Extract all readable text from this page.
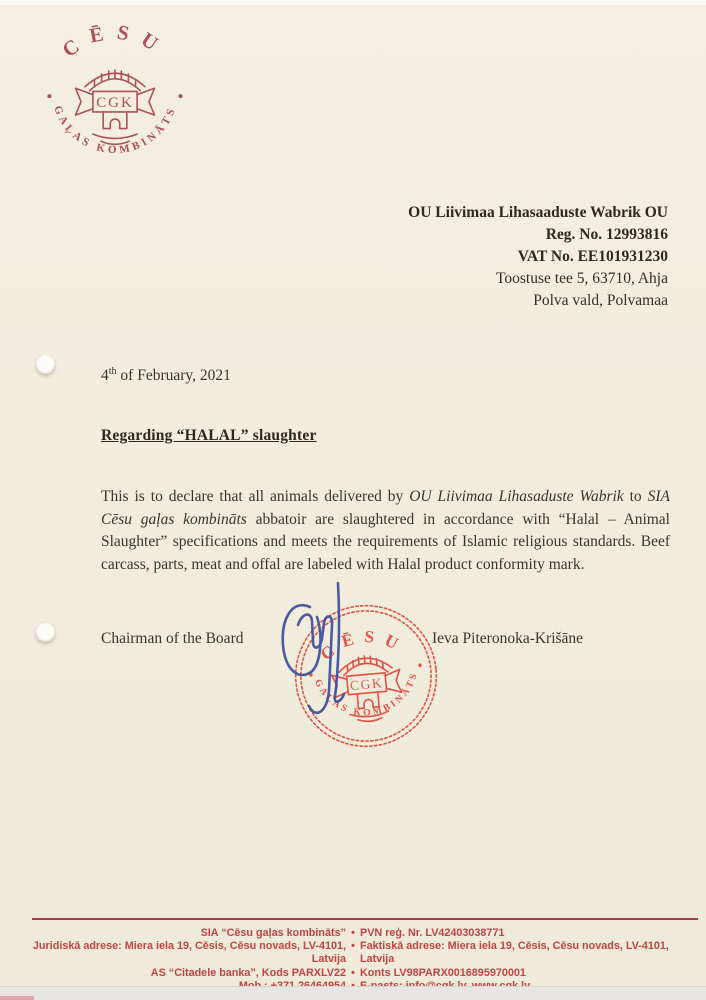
CĒSU
GAĻAS KOMBINĀTS
CGK
OU Liivimaa Lihasaaduste Wabrik OU
Reg. No. 12993816
VAT No. EE101931230
Toostuse tee 5, 63710, Ahja
Polva vald, Polvamaa
4th of February, 2021
Regarding “HALAL” slaughter
This is to declare that all animals delivered by OU Liivimaa Lihasaduste Wabrik to SIA Cēsu gaļas kombināts abbatoir are slaughtered in accordance with “Halal – Animal Slaughter” specifications and meets the requirements of Islamic religious standards. Beef carcass, parts, meat and offal are labeled with Halal product conformity mark.
Chairman of the Board	Ieva Piteronoka-Krišāne
CĒSU
GAĻAS KOMBINĀTS
CGK
SIA “Cēsu gaļas kombināts” • PVN reģ. Nr. LV42403038771
Juridiskā adrese: Miera iela 19, Cēsis, Cēsu novads, LV-4101, Latvija
• Faktiskā adrese: Miera iela 19, Cēsis, Cēsu novads, LV-4101, Latvija
AS “Citadele banka”, Kods PARXLV22 • Konts LV98PARX0016895970001
